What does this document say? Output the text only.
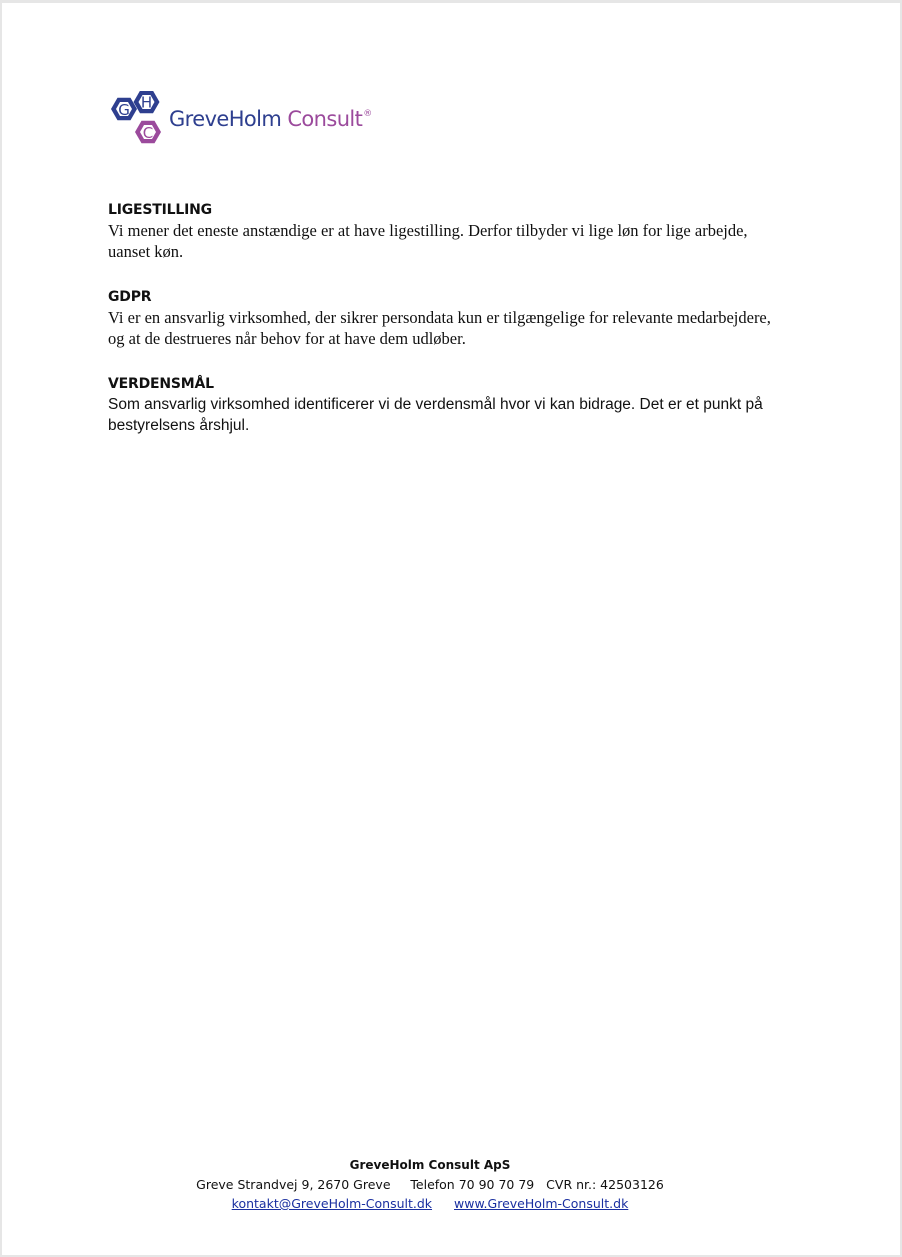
G H
C
GreveHolm Consult®
LIGESTILLING
Vi mener det eneste anstændige er at have ligestilling. Derfor tilbyder vi lige løn for lige arbejde, uanset køn.
GDPR
Vi er en ansvarlig virksomhed, der sikrer persondata kun er tilgængelige for relevante medarbejdere, og at de destrueres når behov for at have dem udløber.
VERDENSMÅL
Som ansvarlig virksomhed identificerer vi de verdensmål hvor vi kan bidrage. Det er et punkt på bestyrelsens årshjul.
GreveHolm Consult ApS
Greve Strandvej 9, 2670 Greve Telefon 70 90 70 79 CVR nr.: 42503126
kontakt@GreveHolm-Consult.dk www.GreveHolm-Consult.dk
